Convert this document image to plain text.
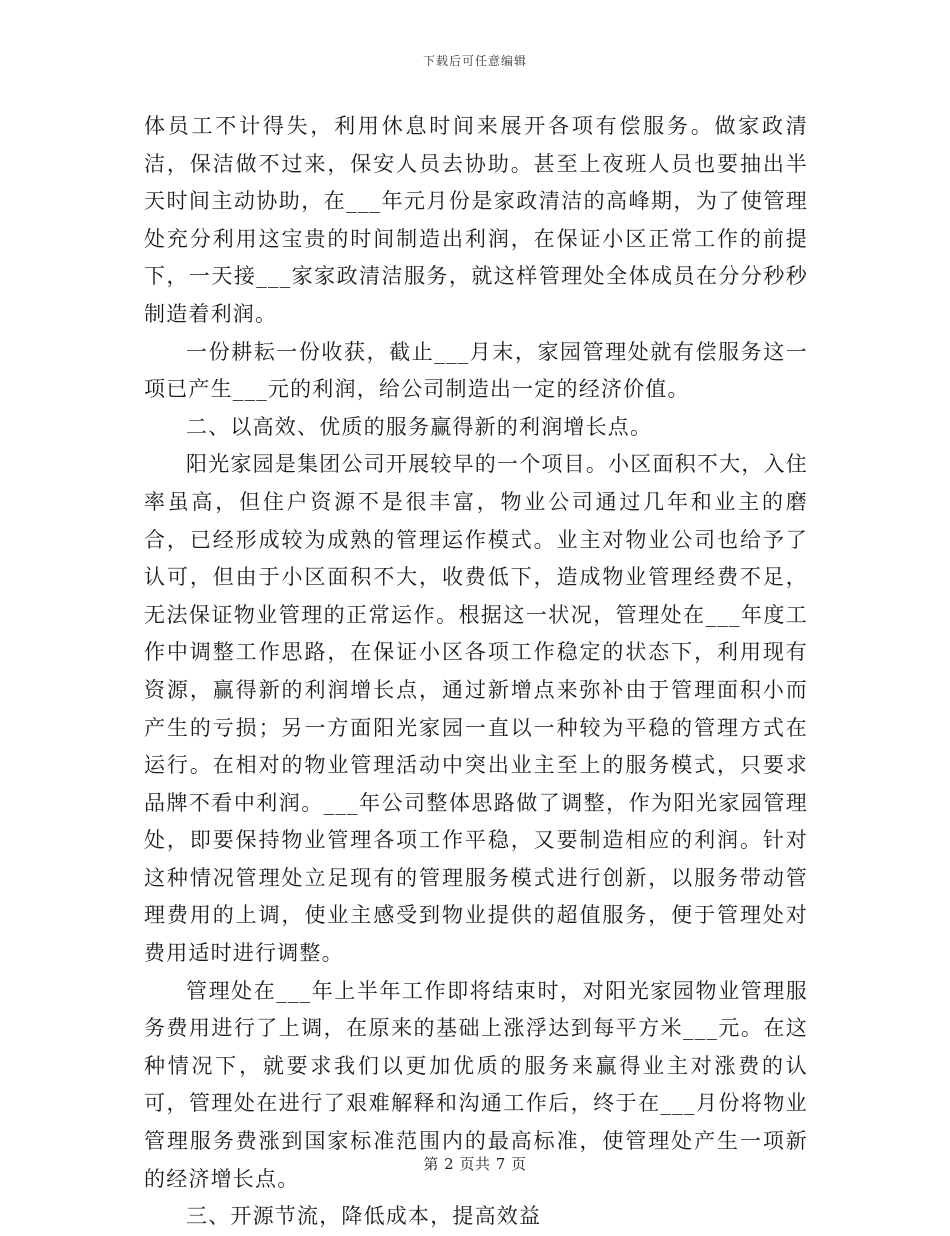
下载后可任意编辑

体员工不计得失，利用休息时间来展开各项有偿服务。做家政清洁，保洁做不过来，保安人员去协助。甚至上夜班人员也要抽出半天时间主动协助，在___年元月份是家政清洁的高峰期，为了使管理处充分利用这宝贵的时间制造出利润，在保证小区正常工作的前提下，一天接___家家政清洁服务，就这样管理处全体成员在分分秒秒制造着利润。

一份耕耘一份收获，截止___月末，家园管理处就有偿服务这一项已产生___元的利润，给公司制造出一定的经济价值。

二、以高效、优质的服务赢得新的利润增长点。

阳光家园是集团公司开展较早的一个项目。小区面积不大，入住率虽高，但住户资源不是很丰富，物业公司通过几年和业主的磨合，已经形成较为成熟的管理运作模式。业主对物业公司也给予了认可，但由于小区面积不大，收费低下，造成物业管理经费不足，无法保证物业管理的正常运作。根据这一状况，管理处在___年度工作中调整工作思路，在保证小区各项工作稳定的状态下，利用现有资源，赢得新的利润增长点，通过新增点来弥补由于管理面积小而产生的亏损；另一方面阳光家园一直以一种较为平稳的管理方式在运行。在相对的物业管理活动中突出业主至上的服务模式，只要求品牌不看中利润。___年公司整体思路做了调整，作为阳光家园管理处，即要保持物业管理各项工作平稳，又要制造相应的利润。针对这种情况管理处立足现有的管理服务模式进行创新，以服务带动管理费用的上调，使业主感受到物业提供的超值服务，便于管理处对费用适时进行调整。

管理处在___年上半年工作即将结束时，对阳光家园物业管理服务费用进行了上调，在原来的基础上涨浮达到每平方米___元。在这种情况下，就要求我们以更加优质的服务来赢得业主对涨费的认可，管理处在进行了艰难解释和沟通工作后，终于在___月份将物业管理服务费涨到国家标准范围内的最高标准，使管理处产生一项新的经济增长点。

三、开源节流，降低成本，提高效益

第 2 页共 7 页
